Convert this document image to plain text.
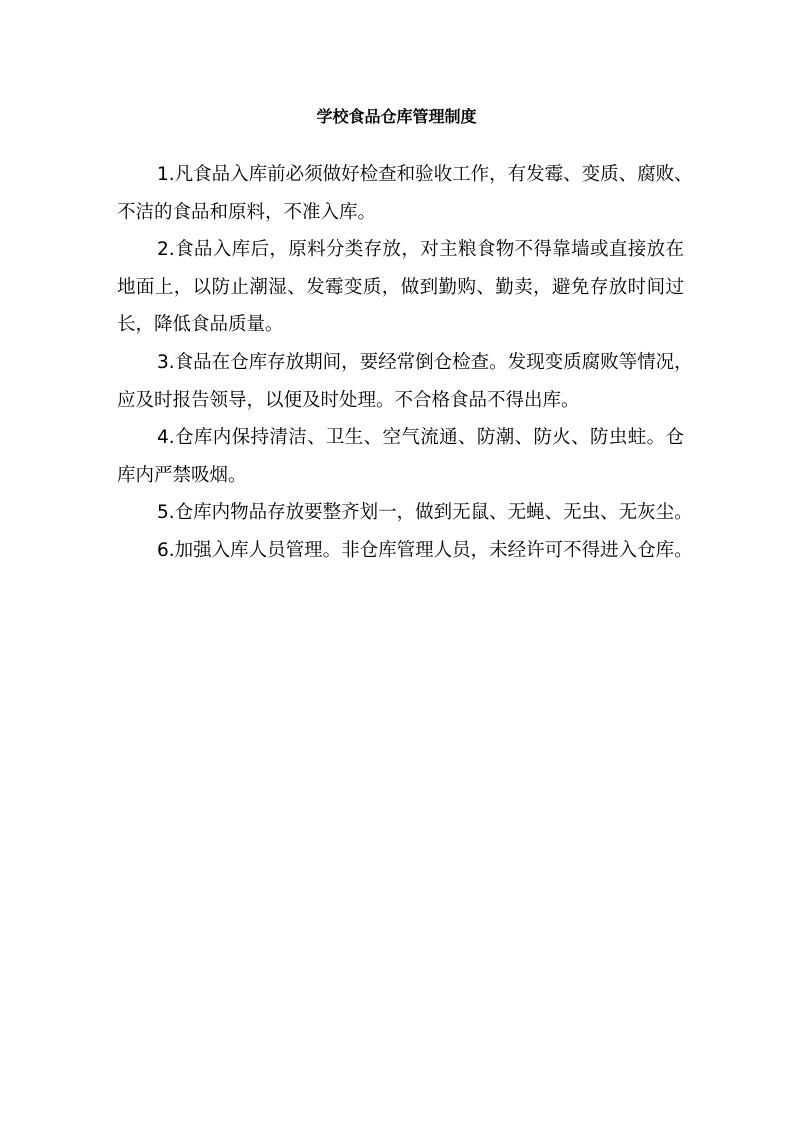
学校食品仓库管理制度
1.凡食品入库前必须做好检查和验收工作，有发霉、变质、腐败、
不洁的食品和原料，不准入库。
2.食品入库后，原料分类存放，对主粮食物不得靠墙或直接放在
地面上，以防止潮湿、发霉变质，做到勤购、勤卖，避免存放时间过
长，降低食品质量。
3.食品在仓库存放期间，要经常倒仓检查。发现变质腐败等情况，
应及时报告领导，以便及时处理。不合格食品不得出库。
4.仓库内保持清洁、卫生、空气流通、防潮、防火、防虫蛀。仓
库内严禁吸烟。
5.仓库内物品存放要整齐划一，做到无鼠、无蝇、无虫、无灰尘。
6.加强入库人员管理。非仓库管理人员，未经许可不得进入仓库。
